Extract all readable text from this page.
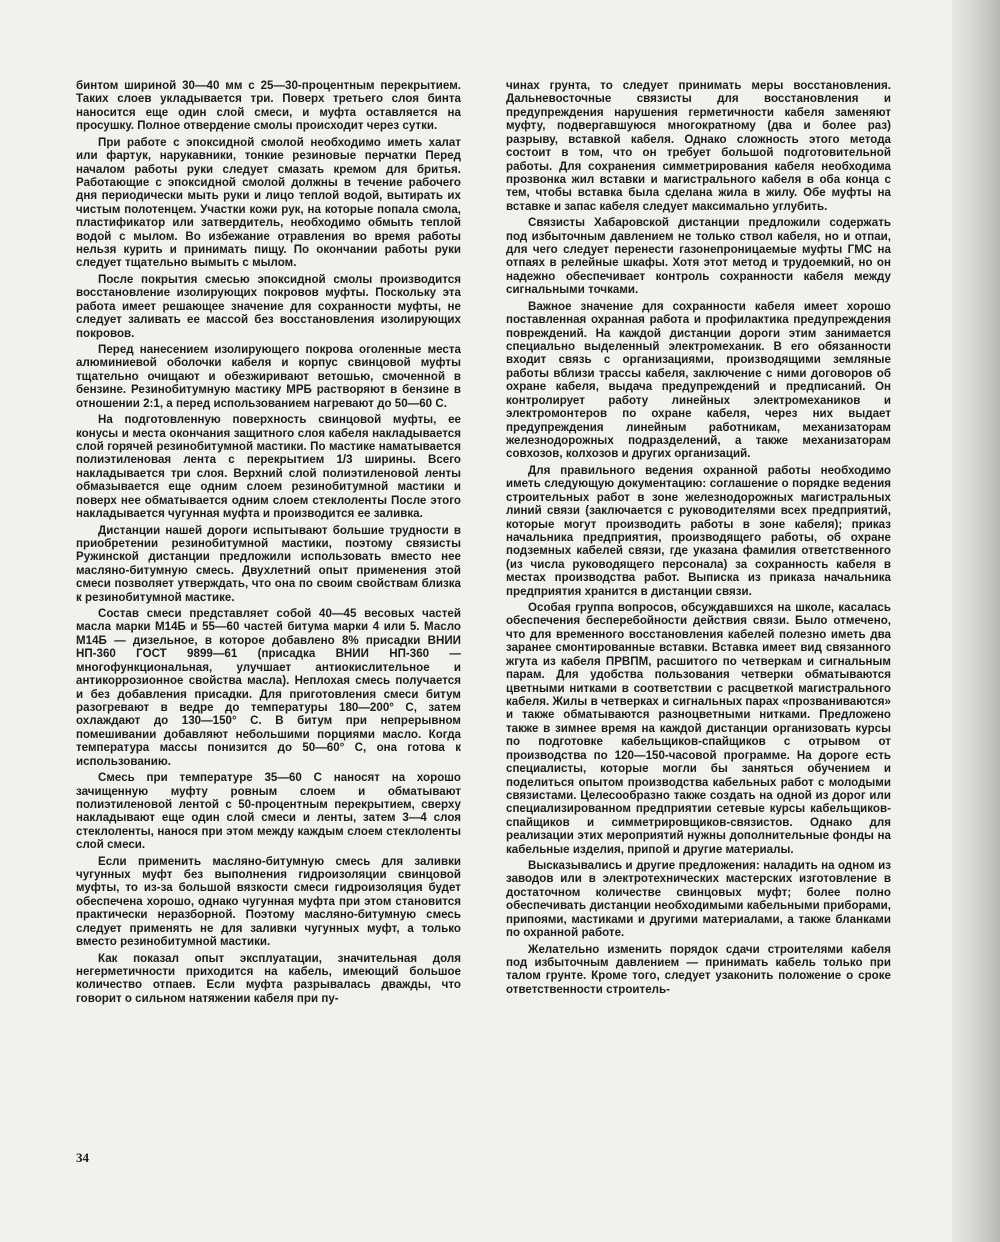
бинтом шириной 30—40 мм с 25—30-процентным перекрытием. Таких слоев укладывается три. Поверх третьего слоя бинта наносится еще один слой смеси, и муфта оставляется на просушку. Полное отвердение смолы происходит через сутки.

При работе с эпоксидной смолой необходимо иметь халат или фартук, нарукавники, тонкие резиновые перчатки Перед началом работы руки следует смазать кремом для бритья. Работающие с эпоксидной смолой должны в течение рабочего дня периодически мыть руки и лицо теплой водой, вытирать их чистым полотенцем. Участки кожи рук, на которые попала смола, пластификатор или затвердитель, необходимо обмыть теплой водой с мылом. Во избежание отравления во время работы нельзя курить и принимать пищу. По окончании работы руки следует тщательно вымыть с мылом.

После покрытия смесью эпоксидной смолы производится восстановление изолирующих покровов муфты. Поскольку эта работа имеет решающее значение для сохранности муфты, не следует заливать ее массой без восстановления изолирующих покровов.

Перед нанесением изолирующего покрова оголенные места алюминиевой оболочки кабеля и корпус свинцовой муфты тщательно очищают и обезжиривают ветошью, смоченной в бензине. Резинобитумную мастику МРБ растворяют в бензине в отношении 2:1, а перед использованием нагревают до 50—60 С.

На подготовленную поверхность свинцовой муфты, ее конусы и места окончания защитного слоя кабеля накладывается слой горячей резинобитумной мастики. По мастике наматывается полиэтиленовая лента с перекрытием 1/3 ширины. Всего накладывается три слоя. Верхний слой полиэтиленовой ленты обмазывается еще одним слоем резинобитумной мастики и поверх нее обматывается одним слоем стеклоленты После этого накладывается чугунная муфта и производится ее заливка.

Дистанции нашей дороги испытывают большие трудности в приобретении резинобитумной мастики, поэтому связисты Ружинской дистанции предложили использовать вместо нее масляно-битумную смесь. Двухлетний опыт применения этой смеси позволяет утверждать, что она по своим свойствам близка к резинобитумной мастике.

Состав смеси представляет собой 40—45 весовых частей масла марки М14Б и 55—60 частей битума марки 4 или 5. Масло М14Б — дизельное, в которое добавлено 8% присадки ВНИИ НП-360 ГОСТ 9899—61 (присадка ВНИИ НП-360 — многофункциональная, улучшает антиокислительное и антикоррозионное свойства масла). Неплохая смесь получается и без добавления присадки. Для приготовления смеси битум разогревают в ведре до температуры 180—200° С, затем охлаждают до 130—150° С. В битум при непрерывном помешивании добавляют небольшими порциями масло. Когда температура массы понизится до 50—60° С, она готова к использованию.

Смесь при температуре 35—60 С наносят на хорошо зачищенную муфту ровным слоем и обматывают полиэтиленовой лентой с 50-процентным перекрытием, сверху накладывают еще один слой смеси и ленты, затем 3—4 слоя стеклоленты, нанося при этом между каждым слоем стеклоленты слой смеси.

Если применить масляно-битумную смесь для заливки чугунных муфт без выполнения гидроизоляции свинцовой муфты, то из-за большой вязкости смеси гидроизоляция будет обеспечена хорошо, однако чугунная муфта при этом становится практически неразборной. Поэтому масляно-битумную смесь следует применять не для заливки чугунных муфт, а только вместо резинобитумной мастики.

Как показал опыт эксплуатации, значительная доля негерметичности приходится на кабель, имеющий большое количество отпаев. Если муфта разрывалась дважды, что говорит о сильном натяжении кабеля при пу-

чинах грунта, то следует принимать меры восстановления. Дальневосточные связисты для восстановления и предупреждения нарушения герметичности кабеля заменяют муфту, подвергавшуюся многократному (два и более раз) разрыву, вставкой кабеля. Однако сложность этого метода состоит в том, что он требует большой подготовительной работы. Для сохранения симметрирования кабеля необходима прозвонка жил вставки и магистрального кабеля в оба конца с тем, чтобы вставка была сделана жила в жилу. Обе муфты на вставке и запас кабеля следует максимально углубить.

Связисты Хабаровской дистанции предложили содержать под избыточным давлением не только ствол кабеля, но и отпаи, для чего следует перенести газонепроницаемые муфты ГМС на отпаях в релейные шкафы. Хотя этот метод и трудоемкий, но он надежно обеспечивает контроль сохранности кабеля между сигнальными точками.

Важное значение для сохранности кабеля имеет хорошо поставленная охранная работа и профилактика предупреждения повреждений. На каждой дистанции дороги этим занимается специально выделенный электромеханик. В его обязанности входит связь с организациями, производящими земляные работы вблизи трассы кабеля, заключение с ними договоров об охране кабеля, выдача предупреждений и предписаний. Он контролирует работу линейных электромехаников и электромонтеров по охране кабеля, через них выдает предупреждения линейным работникам, механизаторам железнодорожных подразделений, а также механизаторам совхозов, колхозов и других организаций.

Для правильного ведения охранной работы необходимо иметь следующую документацию: соглашение о порядке ведения строительных работ в зоне железнодорожных магистральных линий связи (заключается с руководителями всех предприятий, которые могут производить работы в зоне кабеля); приказ начальника предприятия, производящего работы, об охране подземных кабелей связи, где указана фамилия ответственного (из числа руководящего персонала) за сохранность кабеля в местах производства работ. Выписка из приказа начальника предприятия хранится в дистанции связи.

Особая группа вопросов, обсуждавшихся на школе, касалась обеспечения бесперебойности действия связи. Было отмечено, что для временного восстановления кабелей полезно иметь два заранее смонтированные вставки. Вставка имеет вид связанного жгута из кабеля ПРВПМ, расшитого по четверкам и сигнальным парам. Для удобства пользования четверки обматываются цветными нитками в соответствии с расцветкой магистрального кабеля. Жилы в четверках и сигнальных парах «прозваниваются» и также обматываются разноцветными нитками. Предложено также в зимнее время на каждой дистанции организовать курсы по подготовке кабельщиков-спайщиков с отрывом от производства по 120—150-часовой программе. На дороге есть специалисты, которые могли бы заняться обучением и поделиться опытом производства кабельных работ с молодыми связистами. Целесообразно также создать на одной из дорог или специализированном предприятии сетевые курсы кабельщиков-спайщиков и симметрировщиков-связистов. Однако для реализации этих мероприятий нужны дополнительные фонды на кабельные изделия, припой и другие материалы.

Высказывались и другие предложения: наладить на одном из заводов или в электротехнических мастерских изготовление в достаточном количестве свинцовых муфт; более полно обеспечивать дистанции необходимыми кабельными приборами, припоями, мастиками и другими материалами, а также бланками по охранной работе.

Желательно изменить порядок сдачи строителями кабеля под избыточным давлением — принимать кабель только при талом грунте. Кроме того, следует узаконить положение о сроке ответственности строитель-

34
